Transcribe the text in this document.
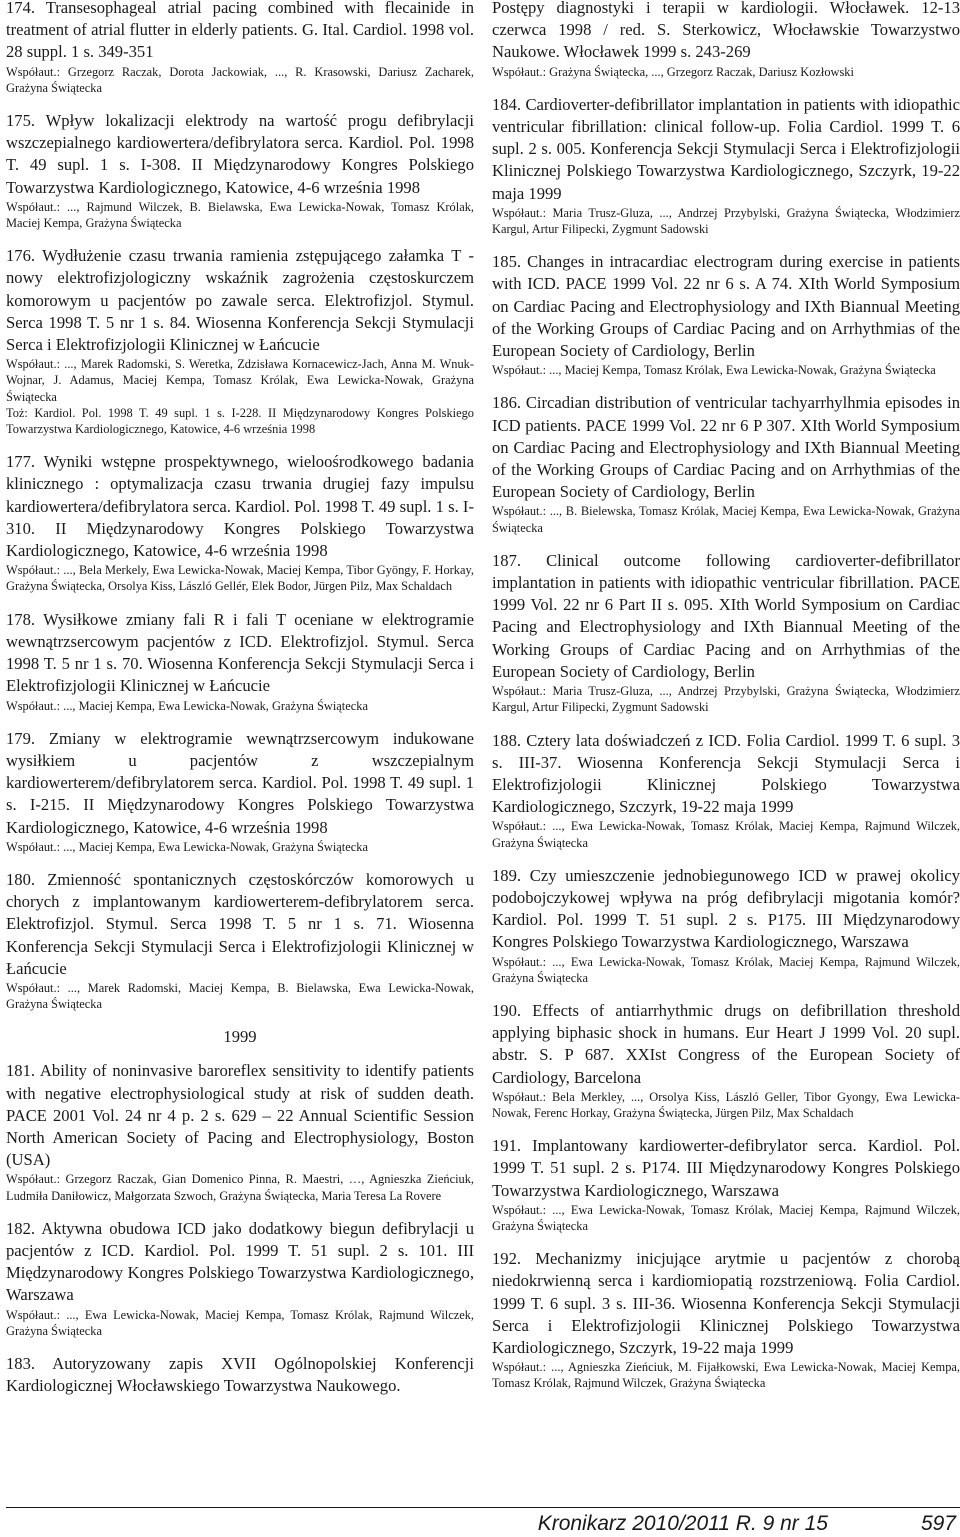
174. Transesophageal atrial pacing combined with flecainide in treatment of atrial flutter in elderly patients. G. Ital. Cardiol. 1998 vol. 28 suppl. 1 s. 349-351

Współaut.: Grzegorz Raczak, Dorota Jackowiak, ..., R. Krasowski, Dariusz Zacharek, Grażyna Świątecka

175. Wpływ lokalizacji elektrody na wartość progu defibrylacji wszczepialnego kardiowertera/defibrylatora serca. Kardiol. Pol. 1998 T. 49 supl. 1 s. I-308. II Międzynarodowy Kongres Polskiego Towarzystwa Kardiologicznego, Katowice, 4-6 września 1998

Współaut.: ..., Rajmund Wilczek, B. Bielawska, Ewa Lewicka-Nowak, Tomasz Królak, Maciej Kempa, Grażyna Świątecka

176. Wydłużenie czasu trwania ramienia zstępującego załamka T - nowy elektrofizjologiczny wskaźnik zagrożenia częstoskurczem komorowym u pacjentów po zawale serca. Elektrofizjol. Stymul. Serca 1998 T. 5 nr 1 s. 84. Wiosenna Konferencja Sekcji Stymulacji Serca i Elektrofizjologii Klinicznej w Łańcucie

Współaut.: ..., Marek Radomski, S. Weretka, Zdzisława Kornacewicz-Jach, Anna M. Wnuk-Wojnar, J. Adamus, Maciej Kempa, Tomasz Królak, Ewa Lewicka-Nowak, Grażyna Świątecka

Toż: Kardiol. Pol. 1998 T. 49 supl. 1 s. I-228. II Międzynarodowy Kongres Polskiego Towarzystwa Kardiologicznego, Katowice, 4-6 września 1998

177. Wyniki wstępne prospektywnego, wieloośrodkowego badania klinicznego : optymalizacja czasu trwania drugiej fazy impulsu kardiowertera/defibrylatora serca. Kardiol. Pol. 1998 T. 49 supl. 1 s. I-310. II Międzynarodowy Kongres Polskiego Towarzystwa Kardiologicznego, Katowice, 4-6 września 1998

Współaut.: ..., Bela Merkely, Ewa Lewicka-Nowak, Maciej Kempa, Tibor Gyöngy, F. Horkay, Grażyna Świątecka, Orsolya Kiss, László Gellér, Elek Bodor, Jürgen Pilz, Max Schaldach

178. Wysiłkowe zmiany fali R i fali T oceniane w elektrogramie wewnątrzsercowym pacjentów z ICD. Elektrofizjol. Stymul. Serca 1998 T. 5 nr 1 s. 70. Wiosenna Konferencja Sekcji Stymulacji Serca i Elektrofizjologii Klinicznej w Łańcucie

Współaut.: ..., Maciej Kempa, Ewa Lewicka-Nowak, Grażyna Świątecka

179. Zmiany w elektrogramie wewnątrzsercowym indukowane wysiłkiem u pacjentów z wszczepialnym kardiowerterem/defibrylatorem serca. Kardiol. Pol. 1998 T. 49 supl. 1 s. I-215. II Międzynarodowy Kongres Polskiego Towarzystwa Kardiologicznego, Katowice, 4-6 września 1998

Współaut.: ..., Maciej Kempa, Ewa Lewicka-Nowak, Grażyna Świątecka

180. Zmienność spontanicznych częstoskórczów komorowych u chorych z implantowanym kardiowerterem-defibrylatorem serca. Elektrofizjol. Stymul. Serca 1998 T. 5 nr 1 s. 71. Wiosenna Konferencja Sekcji Stymulacji Serca i Elektrofizjologii Klinicznej w Łańcucie

Współaut.: ..., Marek Radomski, Maciej Kempa, B. Bielawska, Ewa Lewicka-Nowak, Grażyna Świątecka

1999

181. Ability of noninvasive baroreflex sensitivity to identify patients with negative electrophysiological study at risk of sudden death. PACE 2001 Vol. 24 nr 4 p. 2 s. 629 – 22 Annual Scientific Session North American Society of Pacing and Electrophysiology, Boston (USA)

Współaut.: Grzegorz Raczak, Gian Domenico Pinna, R. Maestri, …, Agnieszka Zieńciuk, Ludmiła Daniłowicz, Małgorzata Szwoch, Grażyna Świątecka, Maria Teresa La Rovere

182. Aktywna obudowa ICD jako dodatkowy biegun defibrylacji u pacjentów z ICD. Kardiol. Pol. 1999 T. 51 supl. 2 s. 101. III Międzynarodowy Kongres Polskiego Towarzystwa Kardiologicznego, Warszawa

Współaut.: ..., Ewa Lewicka-Nowak, Maciej Kempa, Tomasz Królak, Rajmund Wilczek, Grażyna Świątecka

183. Autoryzowany zapis XVII Ogólnopolskiej Konferencji Kardiologicznej Włocławskiego Towarzystwa Naukowego.

Postępy diagnostyki i terapii w kardiologii. Włocławek. 12-13 czerwca 1998 / red. S. Sterkowicz, Włocławskie Towarzystwo Naukowe. Włocławek 1999 s. 243-269

Współaut.: Grażyna Świątecka, ..., Grzegorz Raczak, Dariusz Kozłowski

184. Cardioverter-defibrillator implantation in patients with idiopathic ventricular fibrillation: clinical follow-up. Folia Cardiol. 1999 T. 6 supl. 2 s. 005. Konferencja Sekcji Stymulacji Serca i Elektrofizjologii Klinicznej Polskiego Towarzystwa Kardiologicznego, Szczyrk, 19-22 maja 1999

Współaut.: Maria Trusz-Gluza, ..., Andrzej Przybylski, Grażyna Świątecka, Włodzimierz Kargul, Artur Filipecki, Zygmunt Sadowski

185. Changes in intracardiac electrogram during exercise in patients with ICD. PACE 1999 Vol. 22 nr 6 s. A 74. XIth World Symposium on Cardiac Pacing and Electrophysiology and IXth Biannual Meeting of the Working Groups of Cardiac Pacing and on Arrhythmias of the European Society of Cardiology, Berlin

Współaut.: ..., Maciej Kempa, Tomasz Królak, Ewa Lewicka-Nowak, Grażyna Świątecka

186. Circadian distribution of ventricular tachyarrhylhmia episodes in ICD patients. PACE 1999 Vol. 22 nr 6 P 307. XIth World Symposium on Cardiac Pacing and Electrophysiology and IXth Biannual Meeting of the Working Groups of Cardiac Pacing and on Arrhythmias of the European Society of Cardiology, Berlin

Współaut.: ..., B. Bielewska, Tomasz Królak, Maciej Kempa, Ewa Lewicka-Nowak, Grażyna Świątecka

187. Clinical outcome following cardioverter-defibrillator implantation in patients with idiopathic ventricular fibrillation. PACE 1999 Vol. 22 nr 6 Part II s. 095. XIth World Symposium on Cardiac Pacing and Electrophysiology and IXth Biannual Meeting of the Working Groups of Cardiac Pacing and on Arrhythmias of the European Society of Cardiology, Berlin

Współaut.: Maria Trusz-Gluza, ..., Andrzej Przybylski, Grażyna Świątecka, Włodzimierz Kargul, Artur Filipecki, Zygmunt Sadowski

188. Cztery lata doświadczeń z ICD. Folia Cardiol. 1999 T. 6 supl. 3 s. III-37. Wiosenna Konferencja Sekcji Stymulacji Serca i Elektrofizjologii Klinicznej Polskiego Towarzystwa Kardiologicznego, Szczyrk, 19-22 maja 1999

Współaut.: ..., Ewa Lewicka-Nowak, Tomasz Królak, Maciej Kempa, Rajmund Wilczek, Grażyna Świątecka

189. Czy umieszczenie jednobiegunowego ICD w prawej okolicy podobojczykowej wpływa na próg defibrylacji migotania komór? Kardiol. Pol. 1999 T. 51 supl. 2 s. P175. III Międzynarodowy Kongres Polskiego Towarzystwa Kardiologicznego, Warszawa

Współaut.: ..., Ewa Lewicka-Nowak, Tomasz Królak, Maciej Kempa, Rajmund Wilczek, Grażyna Świątecka

190. Effects of antiarrhythmic drugs on defibrillation threshold applying biphasic shock in humans. Eur Heart J 1999 Vol. 20 supl. abstr. S. P 687. XXIst Congress of the European Society of Cardiology, Barcelona

Współaut.: Bela Merkley, ..., Orsolya Kiss, László Geller, Tibor Gyongy, Ewa Lewicka-Nowak, Ferenc Horkay, Grażyna Świątecka, Jürgen Pilz, Max Schaldach

191. Implantowany kardiowerter-defibrylator serca. Kardiol. Pol. 1999 T. 51 supl. 2 s. P174. III Międzynarodowy Kongres Polskiego Towarzystwa Kardiologicznego, Warszawa

Współaut.: ..., Ewa Lewicka-Nowak, Tomasz Królak, Maciej Kempa, Rajmund Wilczek, Grażyna Świątecka

192. Mechanizmy inicjujące arytmie u pacjentów z chorobą niedokrwienną serca i kardiomiopatią rozstrzeniową. Folia Cardiol. 1999 T. 6 supl. 3 s. III-36. Wiosenna Konferencja Sekcji Stymulacji Serca i Elektrofizjologii Klinicznej Polskiego Towarzystwa Kardiologicznego, Szczyrk, 19-22 maja 1999

Współaut.: ..., Agnieszka Zieńciuk, M. Fijałkowski, Ewa Lewicka-Nowak, Maciej Kempa, Tomasz Królak, Rajmund Wilczek, Grażyna Świątecka

Kronikarz 2010/2011 R. 9 nr 15	597
